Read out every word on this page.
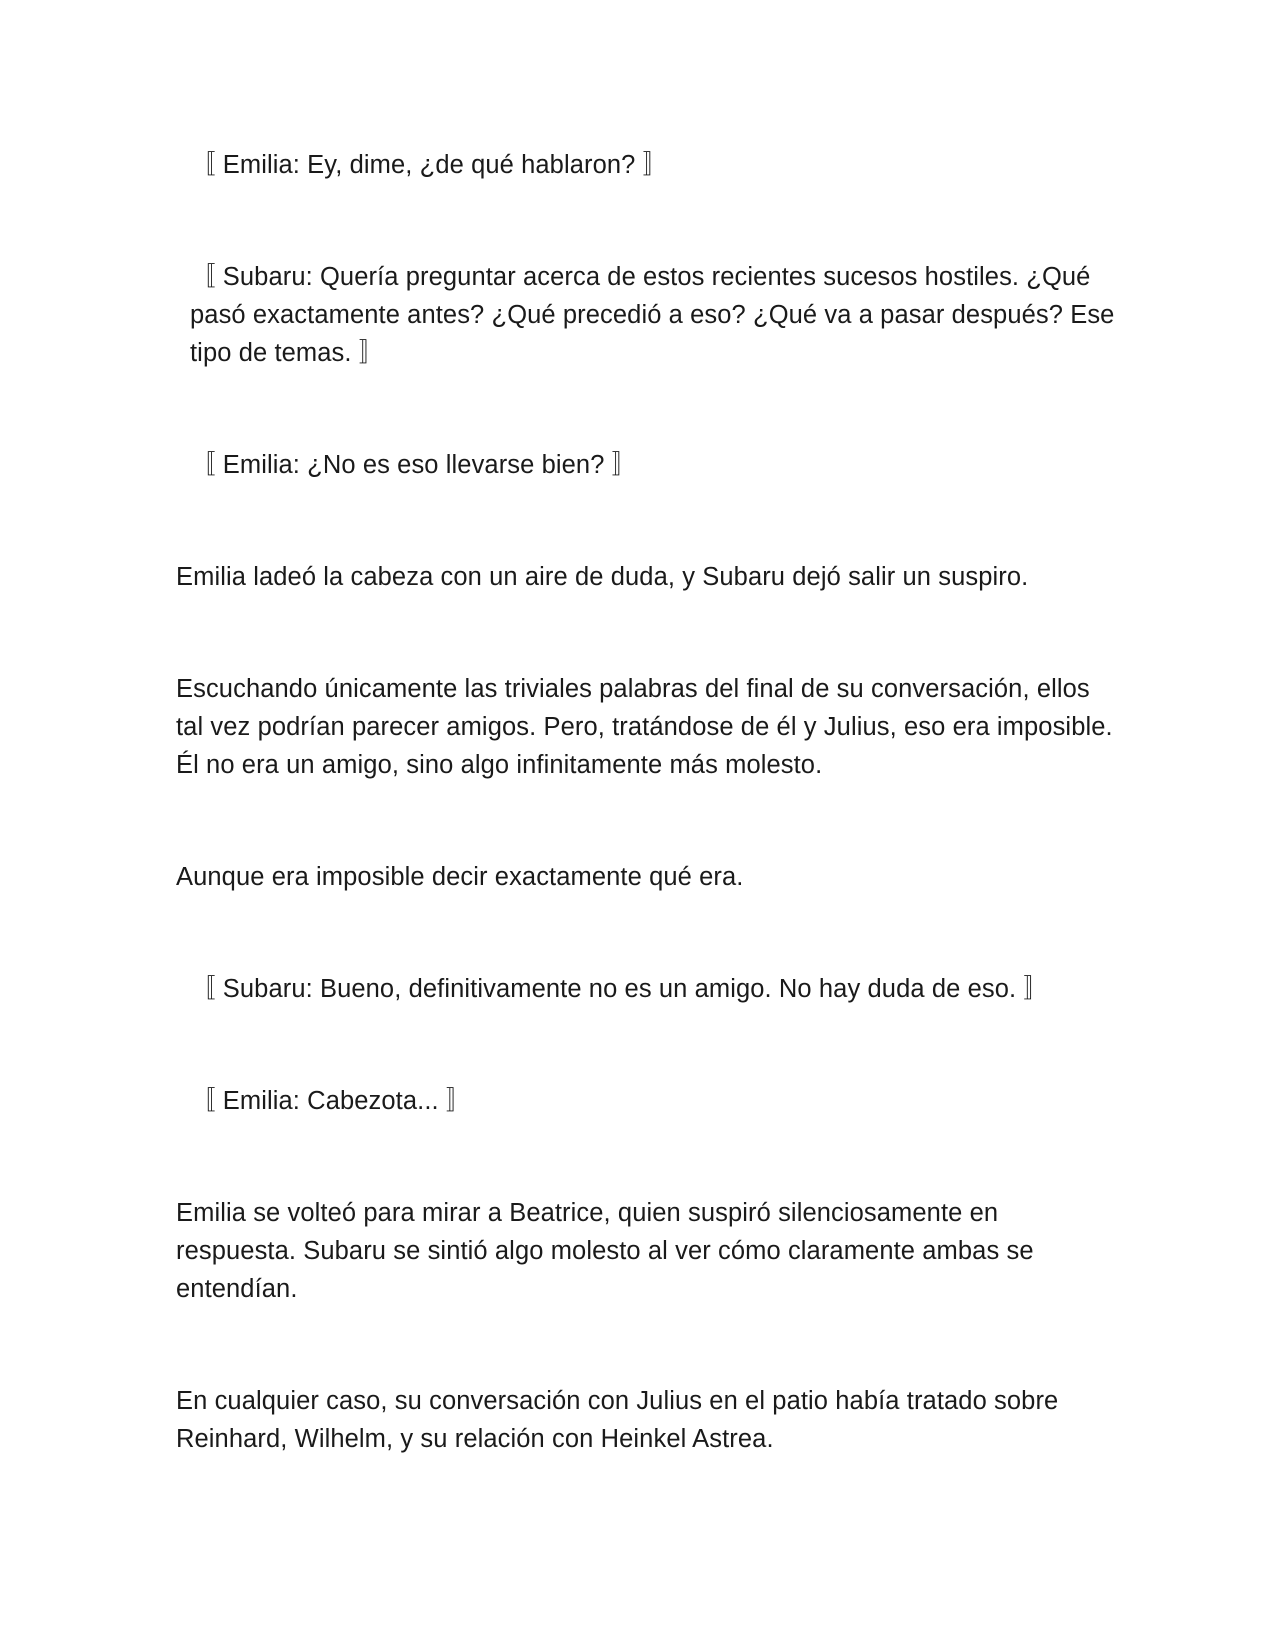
〚 Emilia: Ey, dime, ¿de qué hablaron? 〛

〚 Subaru: Quería preguntar acerca de estos recientes sucesos hostiles. ¿Qué pasó exactamente antes? ¿Qué precedió a eso? ¿Qué va a pasar después? Ese tipo de temas. 〛

〚 Emilia: ¿No es eso llevarse bien? 〛

Emilia ladeó la cabeza con un aire de duda, y Subaru dejó salir un suspiro.

Escuchando únicamente las triviales palabras del final de su conversación, ellos tal vez podrían parecer amigos. Pero, tratándose de él y Julius, eso era imposible. Él no era un amigo, sino algo infinitamente más molesto.

Aunque era imposible decir exactamente qué era.

〚 Subaru: Bueno, definitivamente no es un amigo. No hay duda de eso. 〛

〚 Emilia: Cabezota... 〛

Emilia se volteó para mirar a Beatrice, quien suspiró silenciosamente en respuesta. Subaru se sintió algo molesto al ver cómo claramente ambas se entendían.

En cualquier caso, su conversación con Julius en el patio había tratado sobre Reinhard, Wilhelm, y su relación con Heinkel Astrea.
